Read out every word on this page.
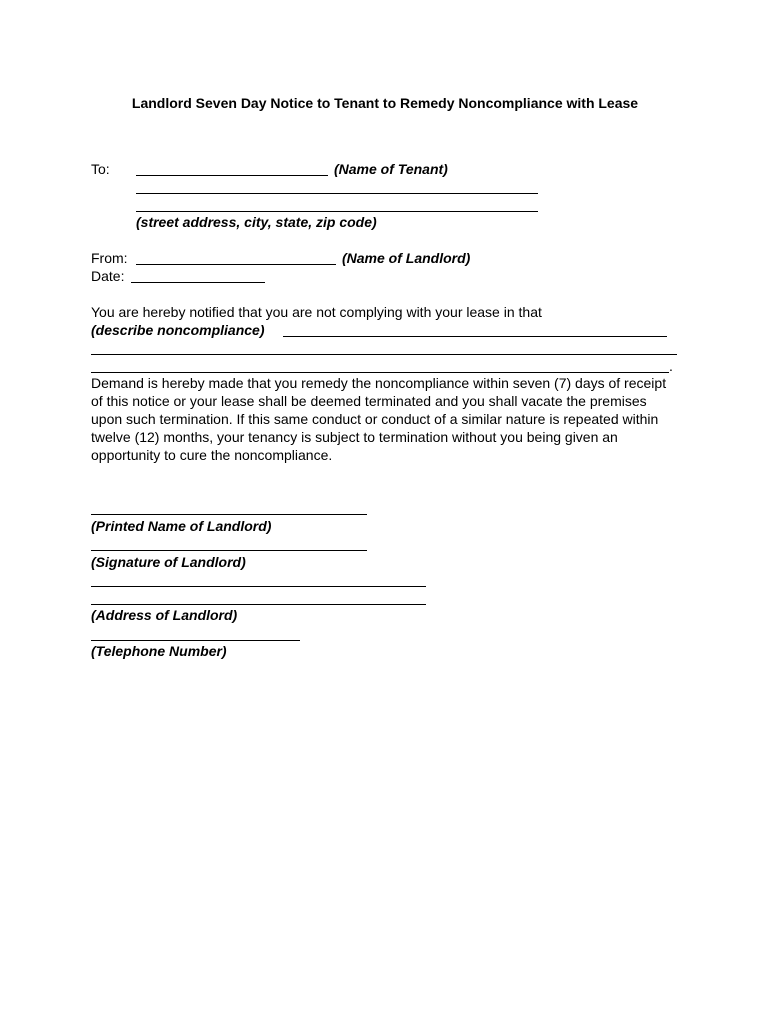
Landlord Seven Day Notice to Tenant to Remedy Noncompliance with Lease
To:	(Name of Tenant)
(street address, city, state, zip code)
From:	(Name of Landlord)
Date:
You are hereby notified that you are not complying with your lease in that
(describe noncompliance)
.
Demand is hereby made that you remedy the noncompliance within seven (7) days of receipt of this notice or your lease shall be deemed terminated and you shall vacate the premises upon such termination. If this same conduct or conduct of a similar nature is repeated within twelve (12) months, your tenancy is subject to termination without you being given an opportunity to cure the noncompliance.
(Printed Name of Landlord)
(Signature of Landlord)
(Address of Landlord)
(Telephone Number)
